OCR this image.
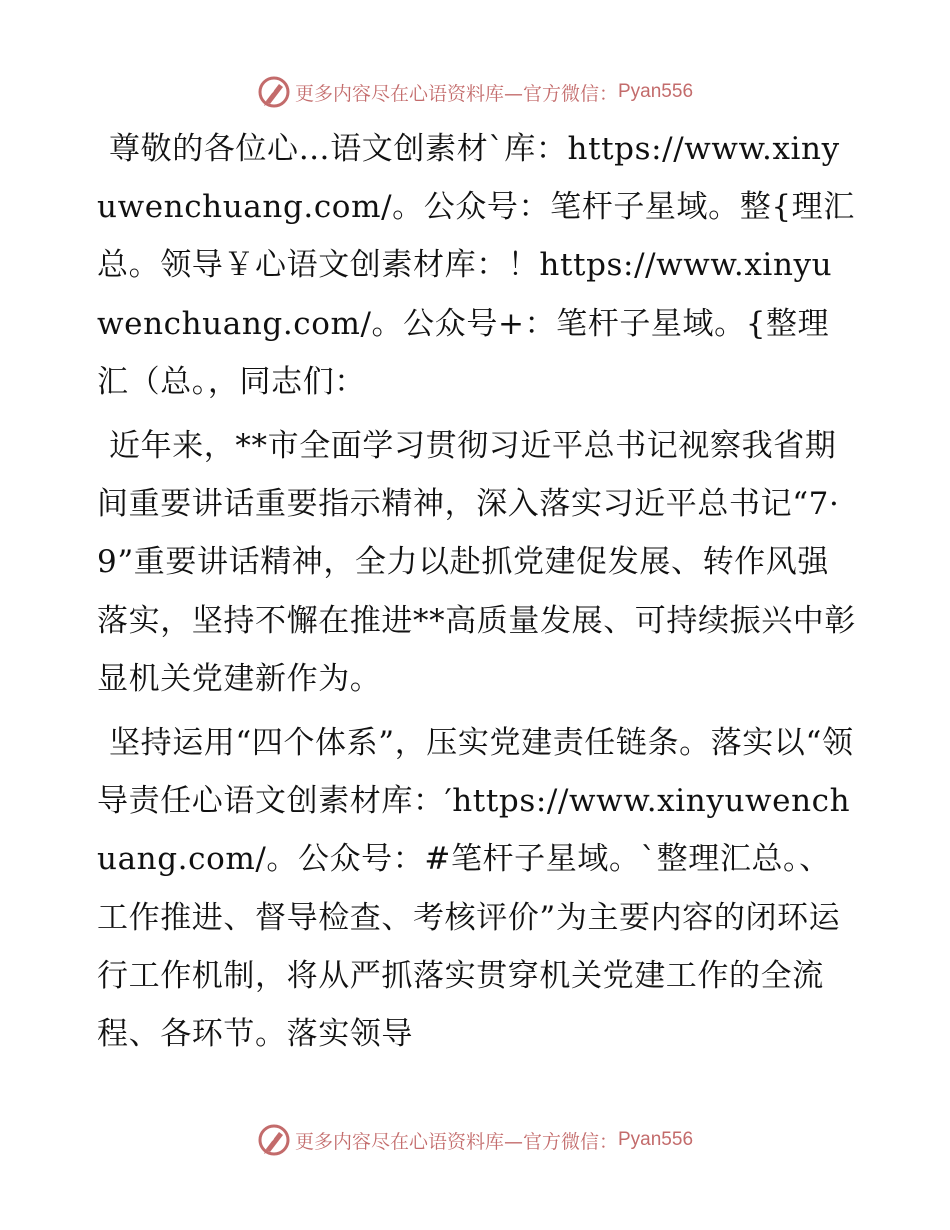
更多内容尽在心语资料库—官方微信： Pyan556

尊敬的各位心…语文创素材`库：https://www.xinyuwenchuang.com/。公众号：笔杆子星域。整{理汇总。领导￥心语文创素材库：！https://www.xinyuwenchuang.com/。公众号+：笔杆子星域。{整理汇（总。，同志们：

近年来，**市全面学习贯彻习近平总书记视察我省期间重要讲话重要指示精神，深入落实习近平总书记“7·9”重要讲话精神，全力以赴抓党建促发展、转作风强落实，坚持不懈在推进**高质量发展、可持续振兴中彰显机关党建新作为。

坚持运用“四个体系”，压实党建责任链条。落实以“领导责任心语文创素材库：′https://www.xinyuwenchuang.com/。公众号：#笔杆子星域。`整理汇总。、工作推进、督导检查、考核评价”为主要内容的闭环运行工作机制，将从严抓落实贯穿机关党建工作的全流程、各环节。落实领导

更多内容尽在心语资料库—官方微信： Pyan556
